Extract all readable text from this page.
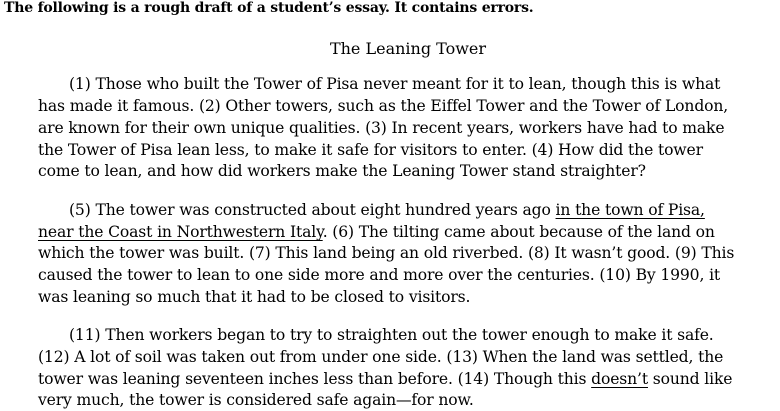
The following is a rough draft of a student’s essay. It contains errors.
The Leaning Tower
(1) Those who built the Tower of Pisa never meant for it to lean, though this is what
has made it famous. (2) Other towers, such as the Eiffel Tower and the Tower of London,
are known for their own unique qualities. (3) In recent years, workers have had to make
the Tower of Pisa lean less, to make it safe for visitors to enter. (4) How did the tower
come to lean, and how did workers make the Leaning Tower stand straighter?
(5) The tower was constructed about eight hundred years ago in the town of Pisa,
near the Coast in Northwestern Italy. (6) The tilting came about because of the land on
which the tower was built. (7) This land being an old riverbed. (8) It wasn’t good. (9) This
caused the tower to lean to one side more and more over the centuries. (10) By 1990, it
was leaning so much that it had to be closed to visitors.
(11) Then workers began to try to straighten out the tower enough to make it safe.
(12) A lot of soil was taken out from under one side. (13) When the land was settled, the
tower was leaning seventeen inches less than before. (14) Though this doesn’t sound like
very much, the tower is considered safe again—for now.
